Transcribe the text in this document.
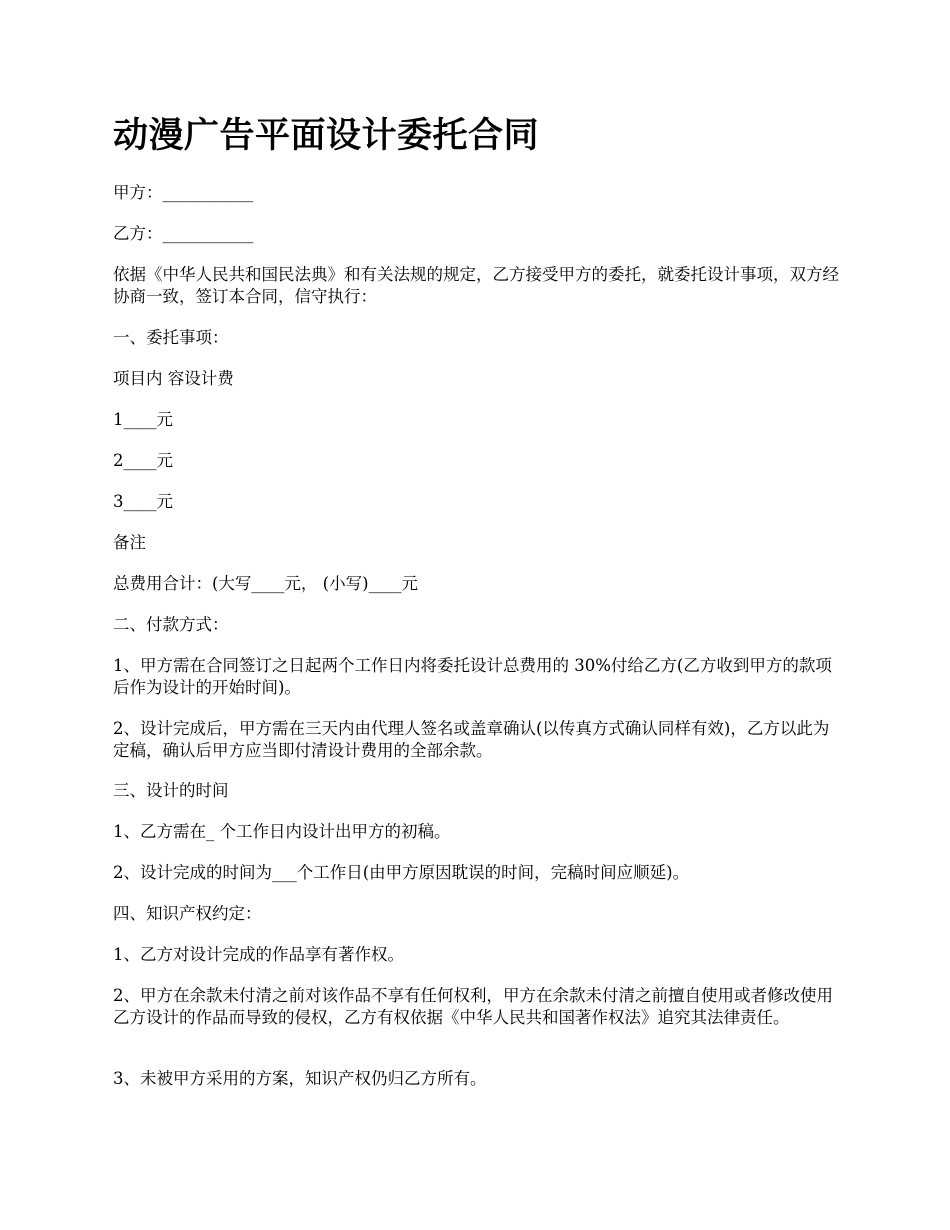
动漫广告平面设计委托合同

甲方：___________

乙方：___________

依据《中华人民共和国民法典》和有关法规的规定，乙方接受甲方的委托，就委托设计事项，双方经协商一致，签订本合同，信守执行：

一、委托事项：

项目内 容设计费

1____元

2____元

3____元

备注

总费用合计：(大写____元， (小写)____元

二、付款方式：

1、甲方需在合同签订之日起两个工作日内将委托设计总费用的 30%付给乙方(乙方收到甲方的款项后作为设计的开始时间)。

2、设计完成后，甲方需在三天内由代理人签名或盖章确认(以传真方式确认同样有效)，乙方以此为定稿，确认后甲方应当即付清设计费用的全部余款。

三、设计的时间

1、乙方需在_ 个工作日内设计出甲方的初稿。

2、设计完成的时间为___个工作日(由甲方原因耽误的时间，完稿时间应顺延)。

四、知识产权约定：

1、乙方对设计完成的作品享有著作权。

2、甲方在余款未付清之前对该作品不享有任何权利，甲方在余款未付清之前擅自使用或者修改使用乙方设计的作品而导致的侵权，乙方有权依据《中华人民共和国著作权法》追究其法律责任。

3、未被甲方采用的方案，知识产权仍归乙方所有。
